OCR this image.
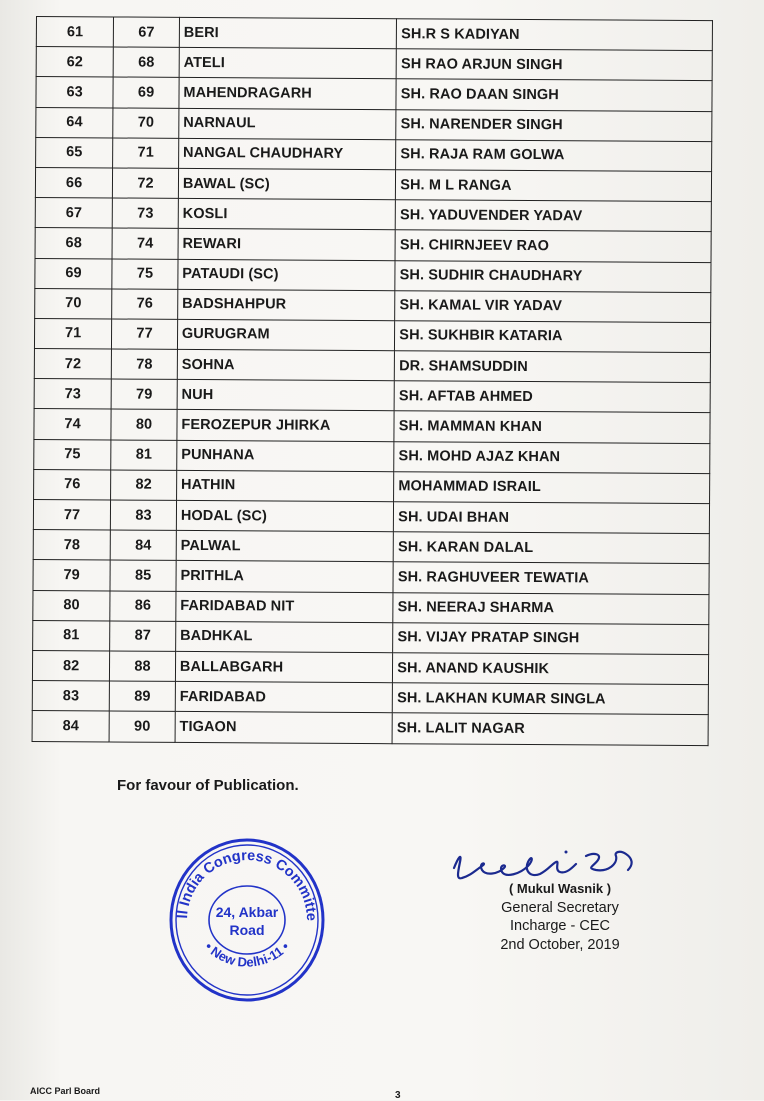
61	67	BERI	SH.R S KADIYAN
62	68	ATELI	SH RAO ARJUN SINGH
63	69	MAHENDRAGARH	SH. RAO DAAN SINGH
64	70	NARNAUL	SH. NARENDER SINGH
65	71	NANGAL CHAUDHARY	SH. RAJA RAM GOLWA
66	72	BAWAL (SC)	SH. M L RANGA
67	73	KOSLI	SH. YADUVENDER YADAV
68	74	REWARI	SH. CHIRNJEEV RAO
69	75	PATAUDI (SC)	SH. SUDHIR CHAUDHARY
70	76	BADSHAHPUR	SH. KAMAL VIR YADAV
71	77	GURUGRAM	SH. SUKHBIR KATARIA
72	78	SOHNA	DR. SHAMSUDDIN
73	79	NUH	SH. AFTAB AHMED
74	80	FEROZEPUR JHIRKA	SH. MAMMAN KHAN
75	81	PUNHANA	SH. MOHD AJAZ KHAN
76	82	HATHIN	MOHAMMAD ISRAIL
77	83	HODAL (SC)	SH. UDAI BHAN
78	84	PALWAL	SH. KARAN DALAL
79	85	PRITHLA	SH. RAGHUVEER TEWATIA
80	86	FARIDABAD NIT	SH. NEERAJ SHARMA
81	87	BADHKAL	SH. VIJAY PRATAP SINGH
82	88	BALLABGARH	SH. ANAND KAUSHIK
83	89	FARIDABAD	SH. LAKHAN KUMAR SINGLA
84	90	TIGAON	SH. LALIT NAGAR
For favour of Publication.
ll India Congress Committe
• New Delhi-11 •
24, Akbar
Road
( Mukul Wasnik )
General Secretary
Incharge - CEC
2nd October, 2019
AICC Parl Board	3
